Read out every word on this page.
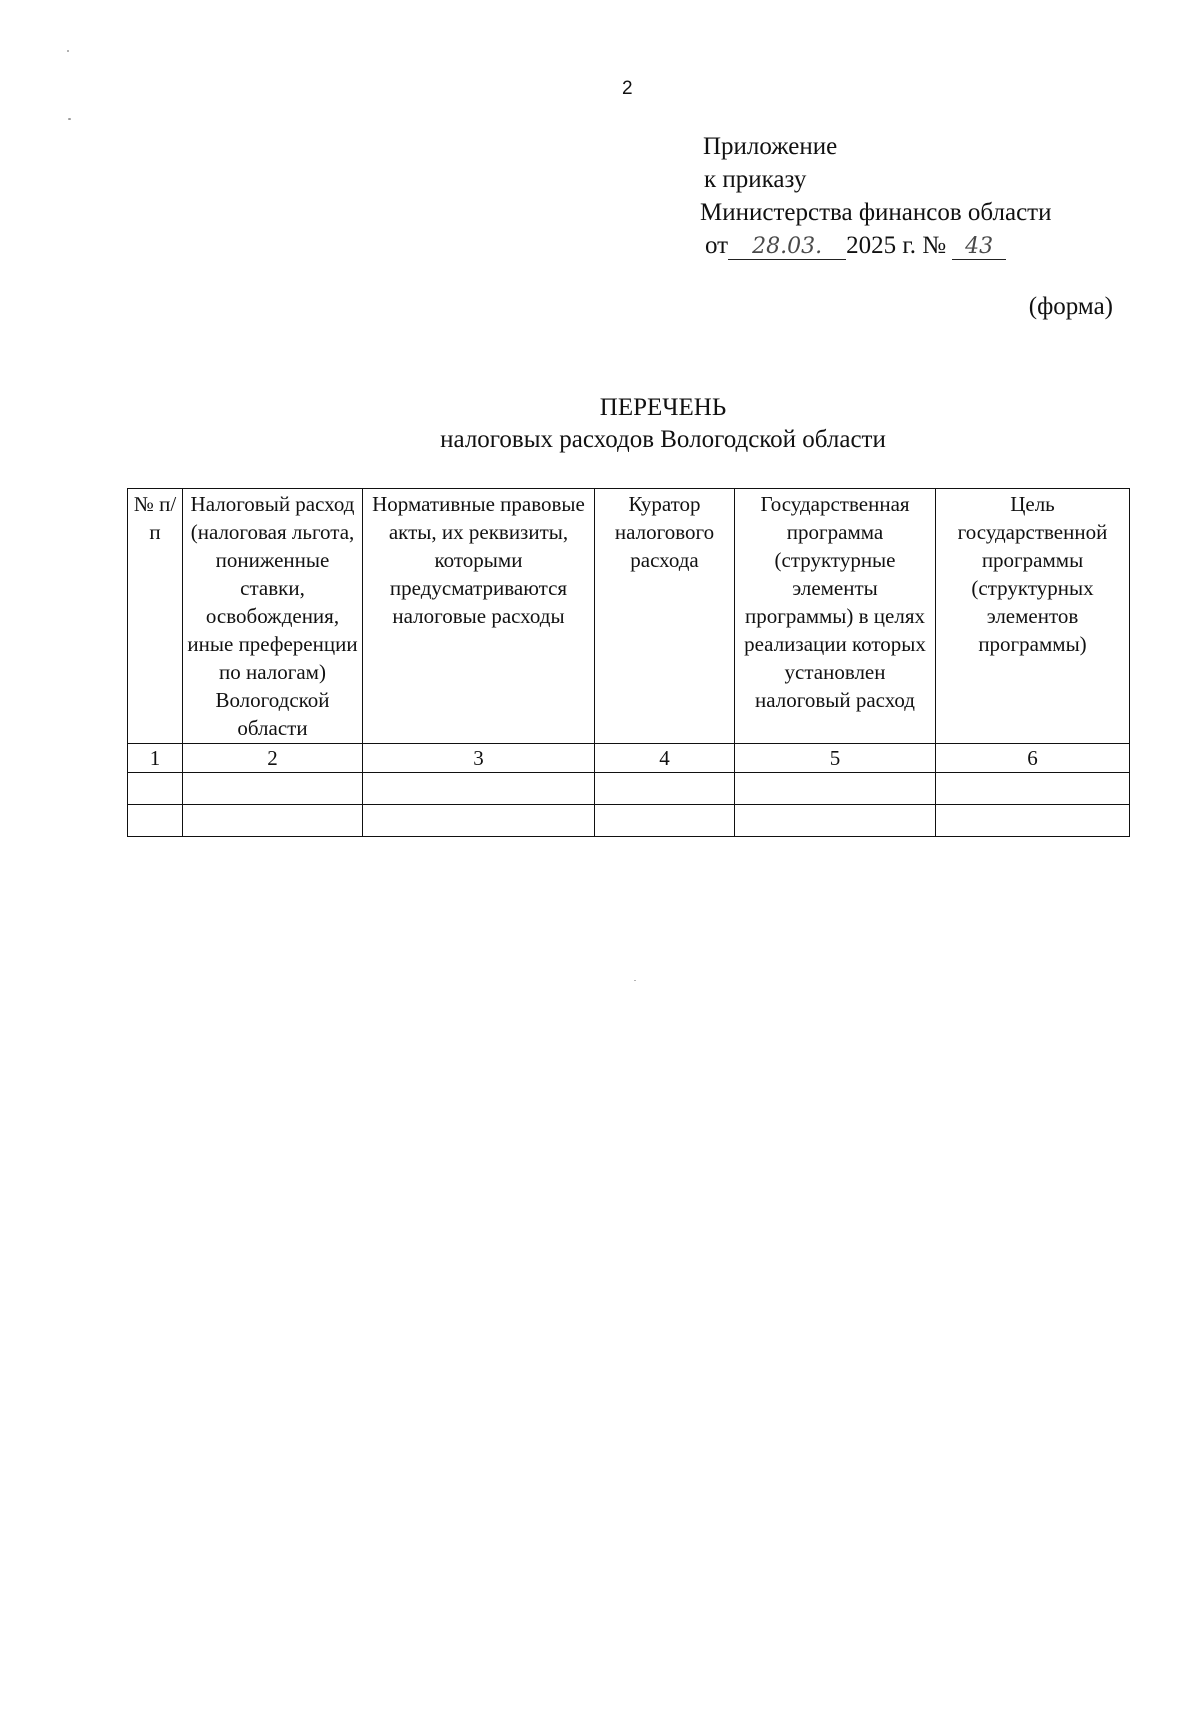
2
Приложение
к приказу
Министерства финансов области
от 28.03. 2025 г. № 43
(форма)
ПЕРЕЧЕНЬ
налоговых расходов Вологодской области
№ п/п	Налоговый расход (налоговая льгота, пониженные ставки, освобождения, иные преференции по налогам) Вологодской области	Нормативные правовые акты, их реквизиты, которыми предусматриваются налоговые расходы	Куратор налогового расхода	Государственная программа (структурные элементы программы) в целях реализации которых установлен налоговый расход	Цель государственной программы (структурных элементов программы)
1	2	3	4	5	6
